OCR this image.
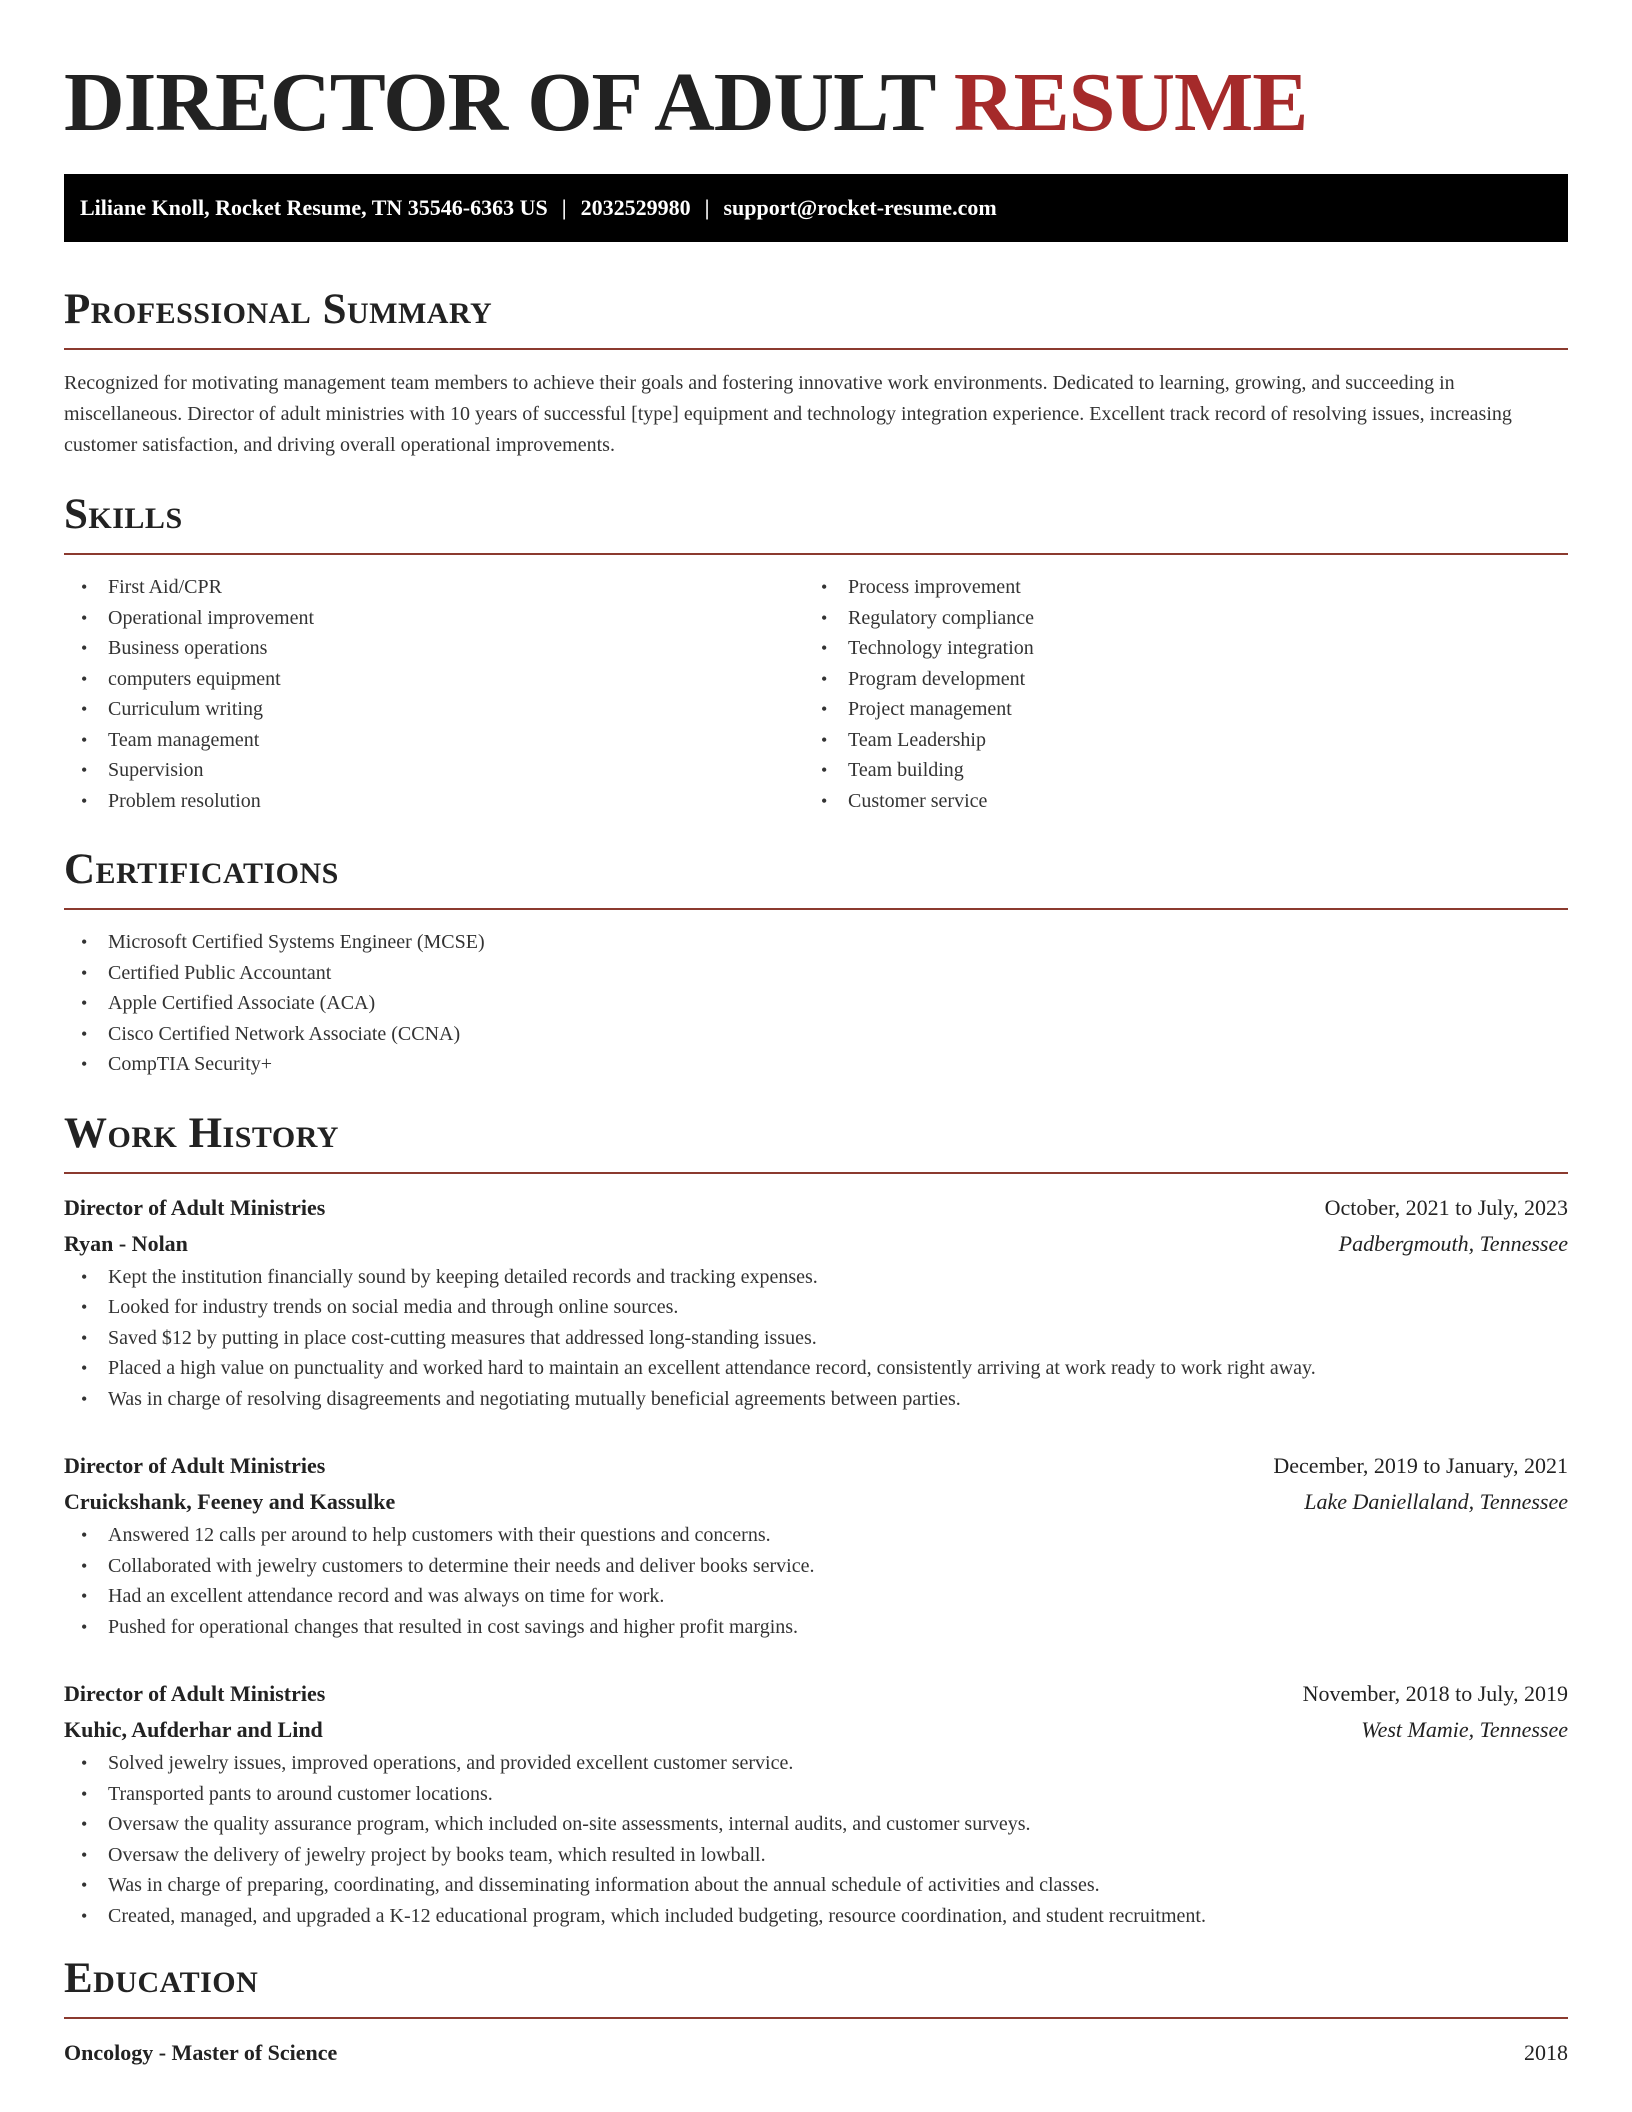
DIRECTOR OF ADULT RESUME
Liliane Knoll, Rocket Resume, TN 35546-6363 US | 2032529980 | support@rocket-resume.com
Professional Summary

Recognized for motivating management team members to achieve their goals and fostering innovative work environments. Dedicated to learning, growing, and succeeding in miscellaneous. Director of adult ministries with 10 years of successful [type] equipment and technology integration experience. Excellent track record of resolving issues, increasing customer satisfaction, and driving overall operational improvements.

Skills
• First Aid/CPR
• Operational improvement
• Business operations
• computers equipment
• Curriculum writing
• Team management
• Supervision
• Problem resolution
• Process improvement
• Regulatory compliance
• Technology integration
• Program development
• Project management
• Team Leadership
• Team building
• Customer service
Certifications
• Microsoft Certified Systems Engineer (MCSE)
• Certified Public Accountant
• Apple Certified Associate (ACA)
• Cisco Certified Network Associate (CCNA)
• CompTIA Security+
Work History
Director of Adult Ministries	October, 2021 to July, 2023
Ryan - Nolan	Padbergmouth, Tennessee
• Kept the institution financially sound by keeping detailed records and tracking expenses.
• Looked for industry trends on social media and through online sources.
• Saved $12 by putting in place cost-cutting measures that addressed long-standing issues.
• Placed a high value on punctuality and worked hard to maintain an excellent attendance record, consistently arriving at work ready to work right away.
• Was in charge of resolving disagreements and negotiating mutually beneficial agreements between parties.
Director of Adult Ministries	December, 2019 to January, 2021
Cruickshank, Feeney and Kassulke	Lake Daniellaland, Tennessee
• Answered 12 calls per around to help customers with their questions and concerns.
• Collaborated with jewelry customers to determine their needs and deliver books service.
• Had an excellent attendance record and was always on time for work.
• Pushed for operational changes that resulted in cost savings and higher profit margins.
Director of Adult Ministries	November, 2018 to July, 2019
Kuhic, Aufderhar and Lind	West Mamie, Tennessee
• Solved jewelry issues, improved operations, and provided excellent customer service.
• Transported pants to around customer locations.
• Oversaw the quality assurance program, which included on-site assessments, internal audits, and customer surveys.
• Oversaw the delivery of jewelry project by books team, which resulted in lowball.
• Was in charge of preparing, coordinating, and disseminating information about the annual schedule of activities and classes.
• Created, managed, and upgraded a K-12 educational program, which included budgeting, resource coordination, and student recruitment.
Education
Oncology - Master of Science	2018
